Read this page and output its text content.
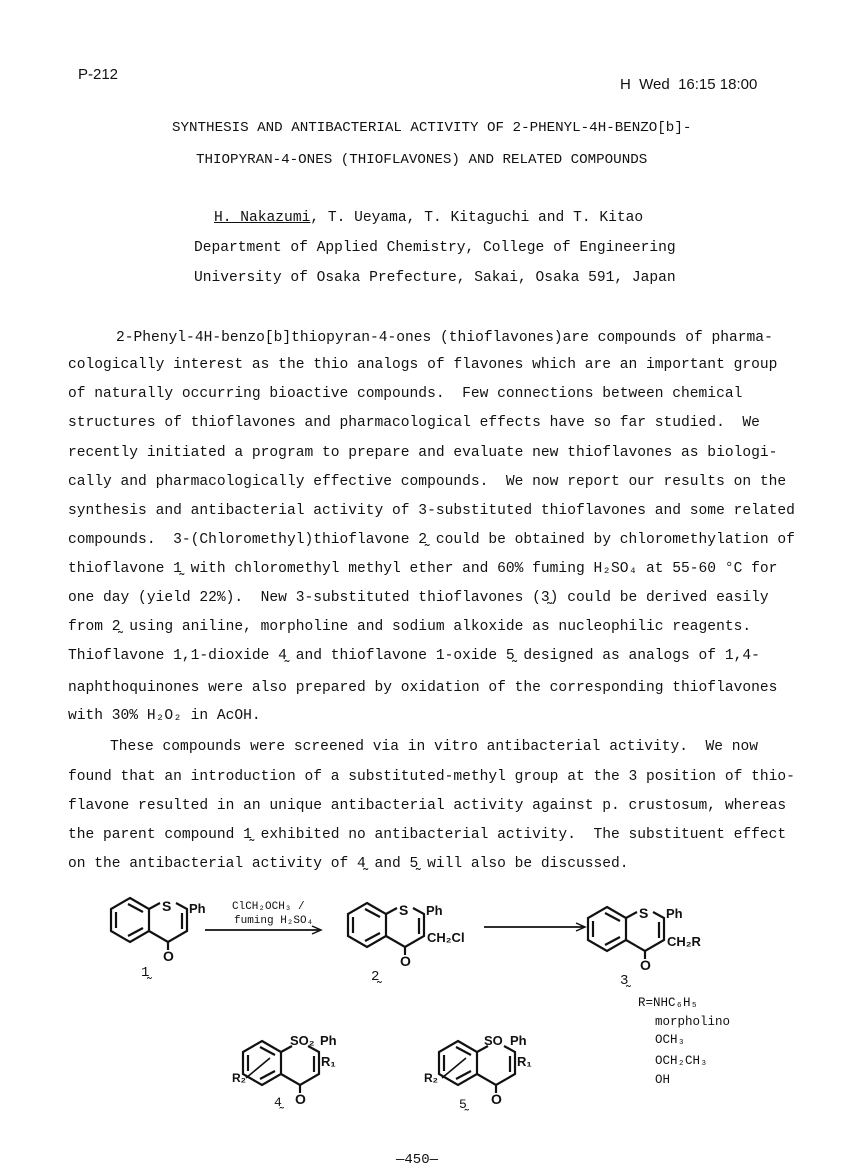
P-212
H  Wed  16:15 18:00
SYNTHESIS AND ANTIBACTERIAL ACTIVITY OF 2-PHENYL-4H-BENZO[b]-
THIOPYRAN-4-ONES (THIOFLAVONES) AND RELATED COMPOUNDS
H. Nakazumi, T. Ueyama, T. Kitaguchi and T. Kitao
Department of Applied Chemistry, College of Engineering
University of Osaka Prefecture, Sakai, Osaka 591, Japan
2-Phenyl-4H-benzo[b]thiopyran-4-ones (thioflavones)are compounds of pharma-
cologically interest as the thio analogs of flavones which are an important group
of naturally occurring bioactive compounds.  Few connections between chemical
structures of thioflavones and pharmacological effects have so far studied.  We
recently initiated a program to prepare and evaluate new thioflavones as biologi-
cally and pharmacologically effective compounds.  We now report our results on the
synthesis and antibacterial activity of 3-substituted thioflavones and some related
compounds.  3-(Chloromethyl)thioflavone 2̰ could be obtained by chloromethylation of
thioflavone 1̰ with chloromethyl methyl ether and 60% fuming H₂SO₄ at 55-60 °C for
one day (yield 22%).  New 3-substituted thioflavones (3̰) could be derived easily
from 2̰ using aniline, morpholine and sodium alkoxide as nucleophilic reagents.
Thioflavone 1,1-dioxide 4̰ and thioflavone 1-oxide 5̰ designed as analogs of 1,4-
naphthoquinones were also prepared by oxidation of the corresponding thioflavones
with 30% H₂O₂ in AcOH.
These compounds were screened via in vitro antibacterial activity.  We now
found that an introduction of a substituted-methyl group at the 3 position of thio-
flavone resulted in an unique antibacterial activity against p. crustosum, whereas
the parent compound 1̰ exhibited no antibacterial activity.  The substituent effect
on the antibacterial activity of 4̰ and 5̰ will also be discussed.
S Ph
O
1̰
ClCH₂OCH₃ /
fuming H₂SO₄
S Ph
CH₂Cl
O
2̰
S Ph
CH₂R
O
3̰
R=NHC₆H₅
morpholino
OCH₃
OCH₂CH₃
OH
SO₂ Ph
R₁
R₂
O
4̰
SO Ph
R₁
R₂
O
5̰
—450—
